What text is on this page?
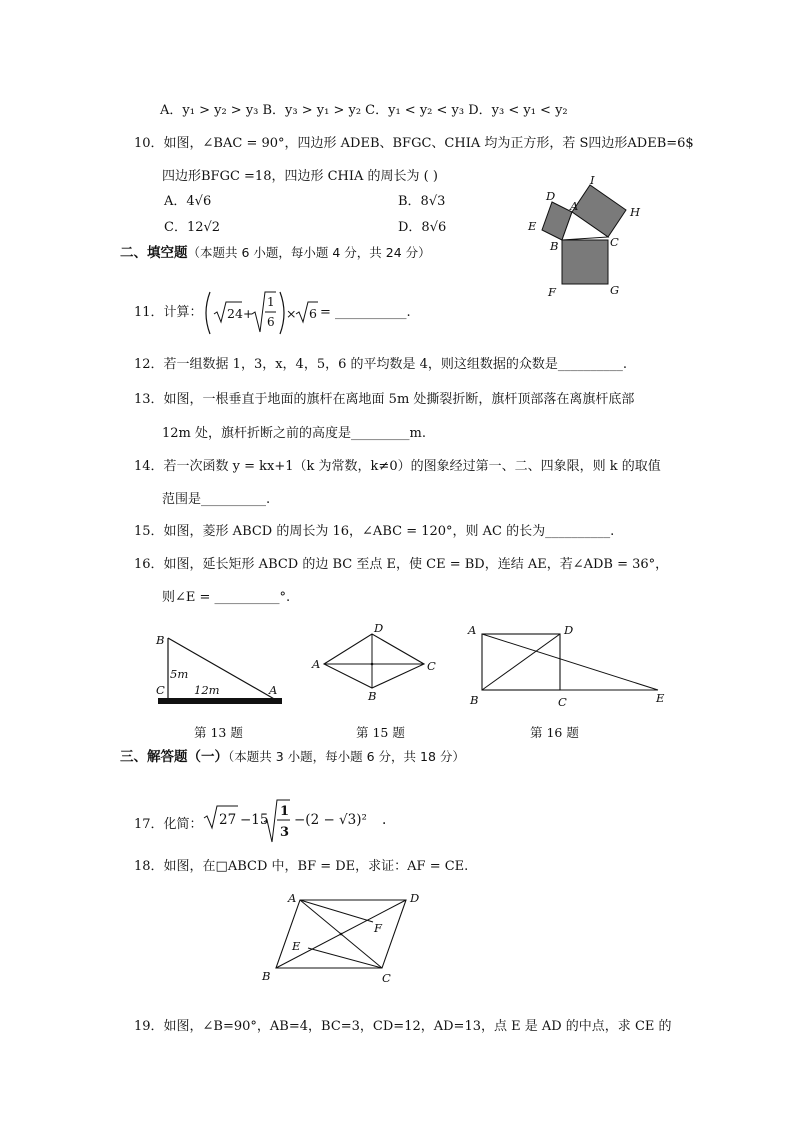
A．y₁ > y₂ > y₃ B．y₃ > y₁ > y₂ C．y₁ < y₂ < y₃ D．y₃ < y₁ < y₂
10．如图，∠BAC = 90°，四边形 ADEB、BFGC、CHIA 均为正方形，若 S四边形ADEB=6$
四边形BFGC =18，四边形 CHIA 的周长为 ( )
A．4√6	B．8√3
C．12√2	D．8√6
D
E
A
I
H
B	C
F	G
二、填空题（本题共 6 小题，每小题 4 分，共 24 分）
11．计算： 24 +
1
6
× 6 = ___________.
12．若一组数据 1，3，x，4，5，6 的平均数是 4，则这组数据的众数是__________.
13．如图，一根垂直于地面的旗杆在离地面 5m 处撕裂折断，旗杆顶部落在离旗杆底部
12m 处，旗杆折断之前的高度是_________m.
14．若一次函数 y = kx+1（k 为常数，k≠0）的图象经过第一、二、四象限，则 k 的取值
范围是__________.
15．如图，菱形 ABCD 的周长为 16，∠ABC = 120°，则 AC 的长为__________.
16．如图，延长矩形 ABCD 的边 BC 至点 E，使 CE = BD，连结 AE，若∠ADB = 36°，
则∠E = __________°.
B
C	A
5m
12m
第 13 题
A
D
C
B
第 15 题
A	D
B	C	E
第 16 题
三、解答题（一）（本题共 3 小题，每小题 6 分，共 18 分）
17．化简： 27 −15
1
3
−(2 − √3)² .
18．如图，在□ABCD 中，BF = DE，求证：AF = CE.
A	D
B	C
E
F
19．如图，∠B=90°，AB=4，BC=3，CD=12，AD=13，点 E 是 AD 的中点，求 CE 的
